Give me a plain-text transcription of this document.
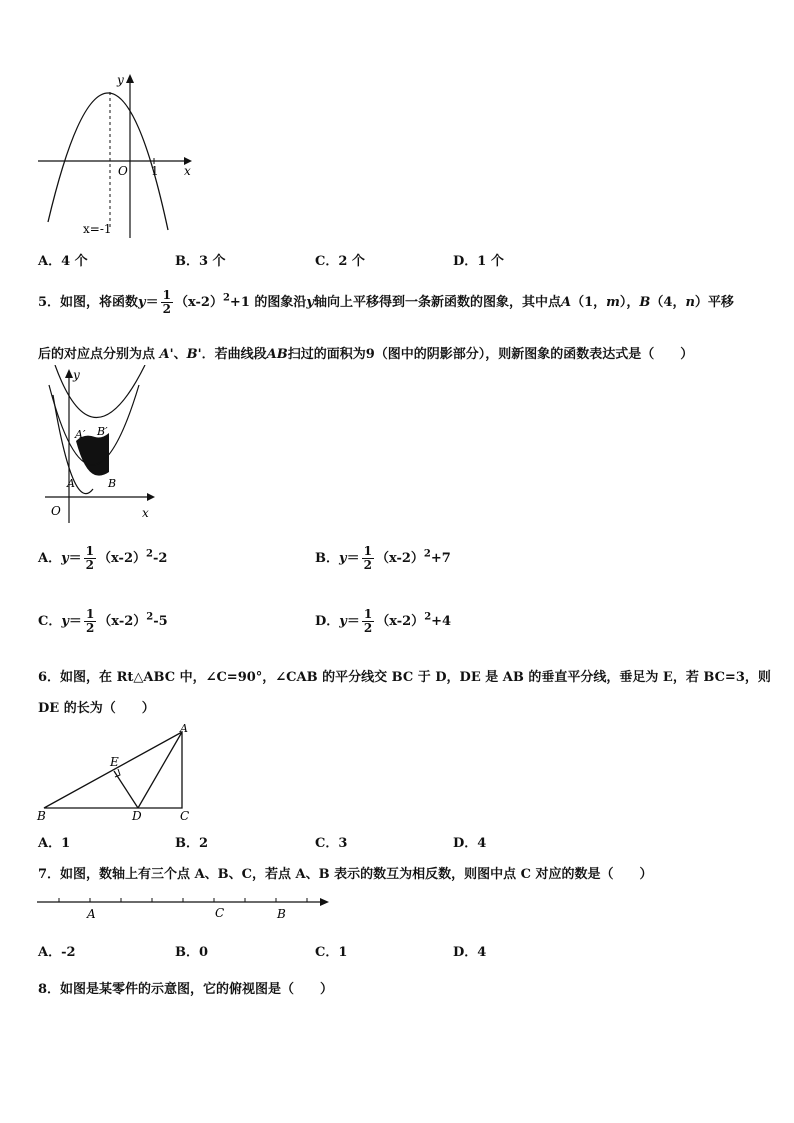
y
x
O 1
x=-1
A．4 个	B．3 个	C．2 个	D．1 个
5．如图，将函数$y= \frac{1}{2} (x-2)^2+1$ 的图象沿y轴向上平移得到一条新函数的图象，其中点A（1，m），B（4，n）平移
后的对应点分别为点 A'、B'．若曲线段AB扫过的面积为9（图中的阴影部分），则新图象的函数表达式是（　　）
y
x
O
A	B
A′ B′
A．$y= \frac{1}{2} (x-2)^2-2$	B．$y= \frac{1}{2} (x-2)^2+7$
C．$y= \frac{1}{2} (x-2)^2-5$	D．$y= \frac{1}{2} (x-2)^2+4$
6．如图，在 Rt△ABC 中，∠C=90°，∠CAB 的平分线交 BC 于 D，DE 是 AB 的垂直平分线，垂足为 E，若 BC=3，则
DE 的长为（　　）
A
B	C
D
E
A．1	B．2	C．3	D．4
7．如图，数轴上有三个点 A、B、C，若点 A、B 表示的数互为相反数，则图中点 C 对应的数是（　　）
A	C	B
A．-2	B．0	C．1	D．4
8．如图是某零件的示意图，它的俯视图是（　　）
